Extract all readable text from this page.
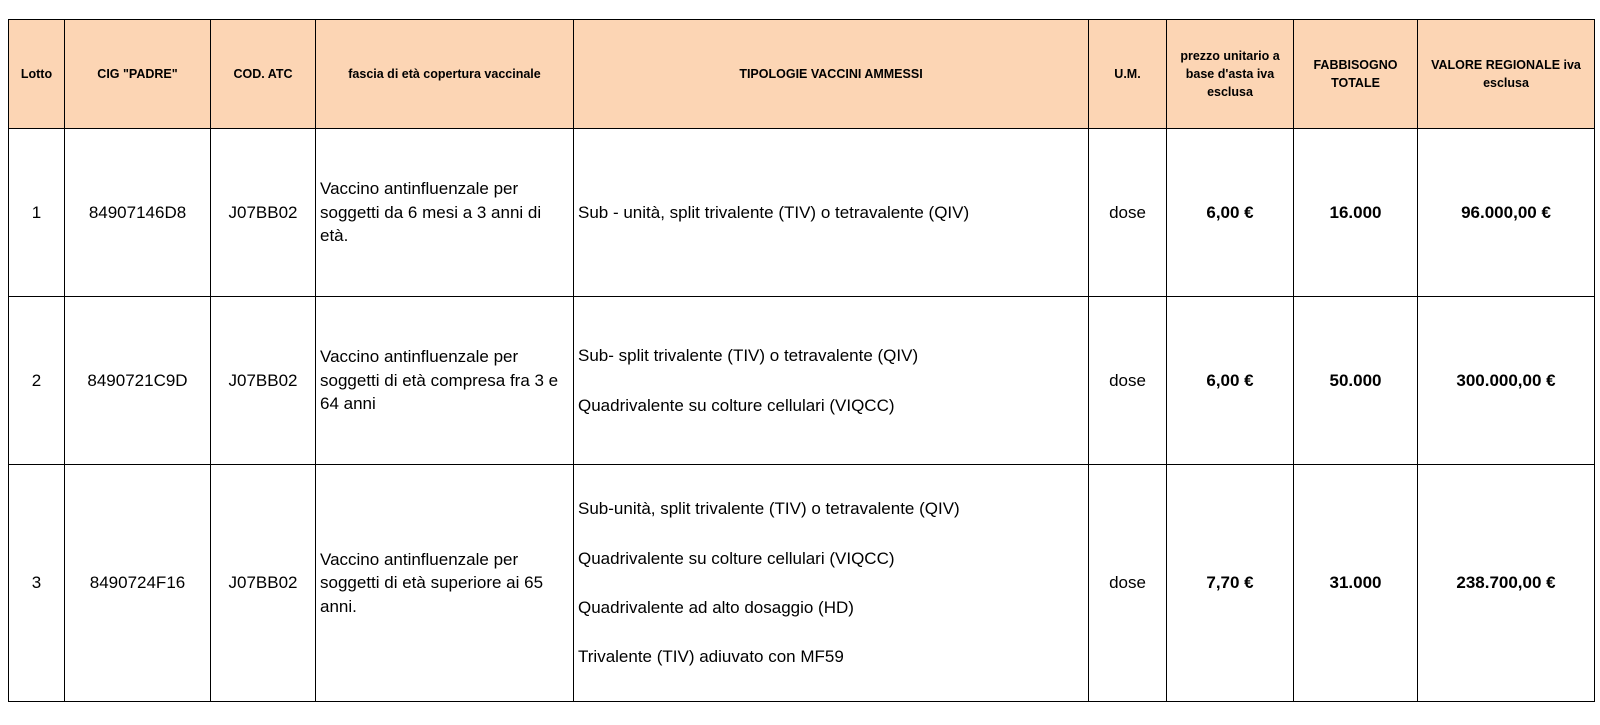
Lotto	CIG "PADRE"	COD. ATC	fascia di età copertura vaccinale	TIPOLOGIE VACCINI AMMESSI	U.M.	prezzo unitario a base d'asta iva esclusa	FABBISOGNO TOTALE	VALORE REGIONALE iva esclusa
1	84907146D8	J07BB02	Vaccino antinfluenzale per soggetti da 6 mesi a 3 anni di età.	Sub - unità, split trivalente (TIV) o tetravalente (QIV)	dose	6,00 €	16.000	96.000,00 €
2	8490721C9D	J07BB02	Vaccino antinfluenzale per soggetti di età compresa fra 3 e 64 anni	Sub- split trivalente (TIV) o tetravalente (QIV)

Quadrivalente su colture cellulari (VIQCC)	dose	6,00 €	50.000	300.000,00 €
3	8490724F16	J07BB02	Vaccino antinfluenzale per soggetti di età superiore ai 65 anni.	Sub-unità, split trivalente (TIV) o tetravalente (QIV)

Quadrivalente su colture cellulari (VIQCC)

Quadrivalente ad alto dosaggio (HD)

Trivalente (TIV) adiuvato con MF59	dose	7,70 €	31.000	238.700,00 €
